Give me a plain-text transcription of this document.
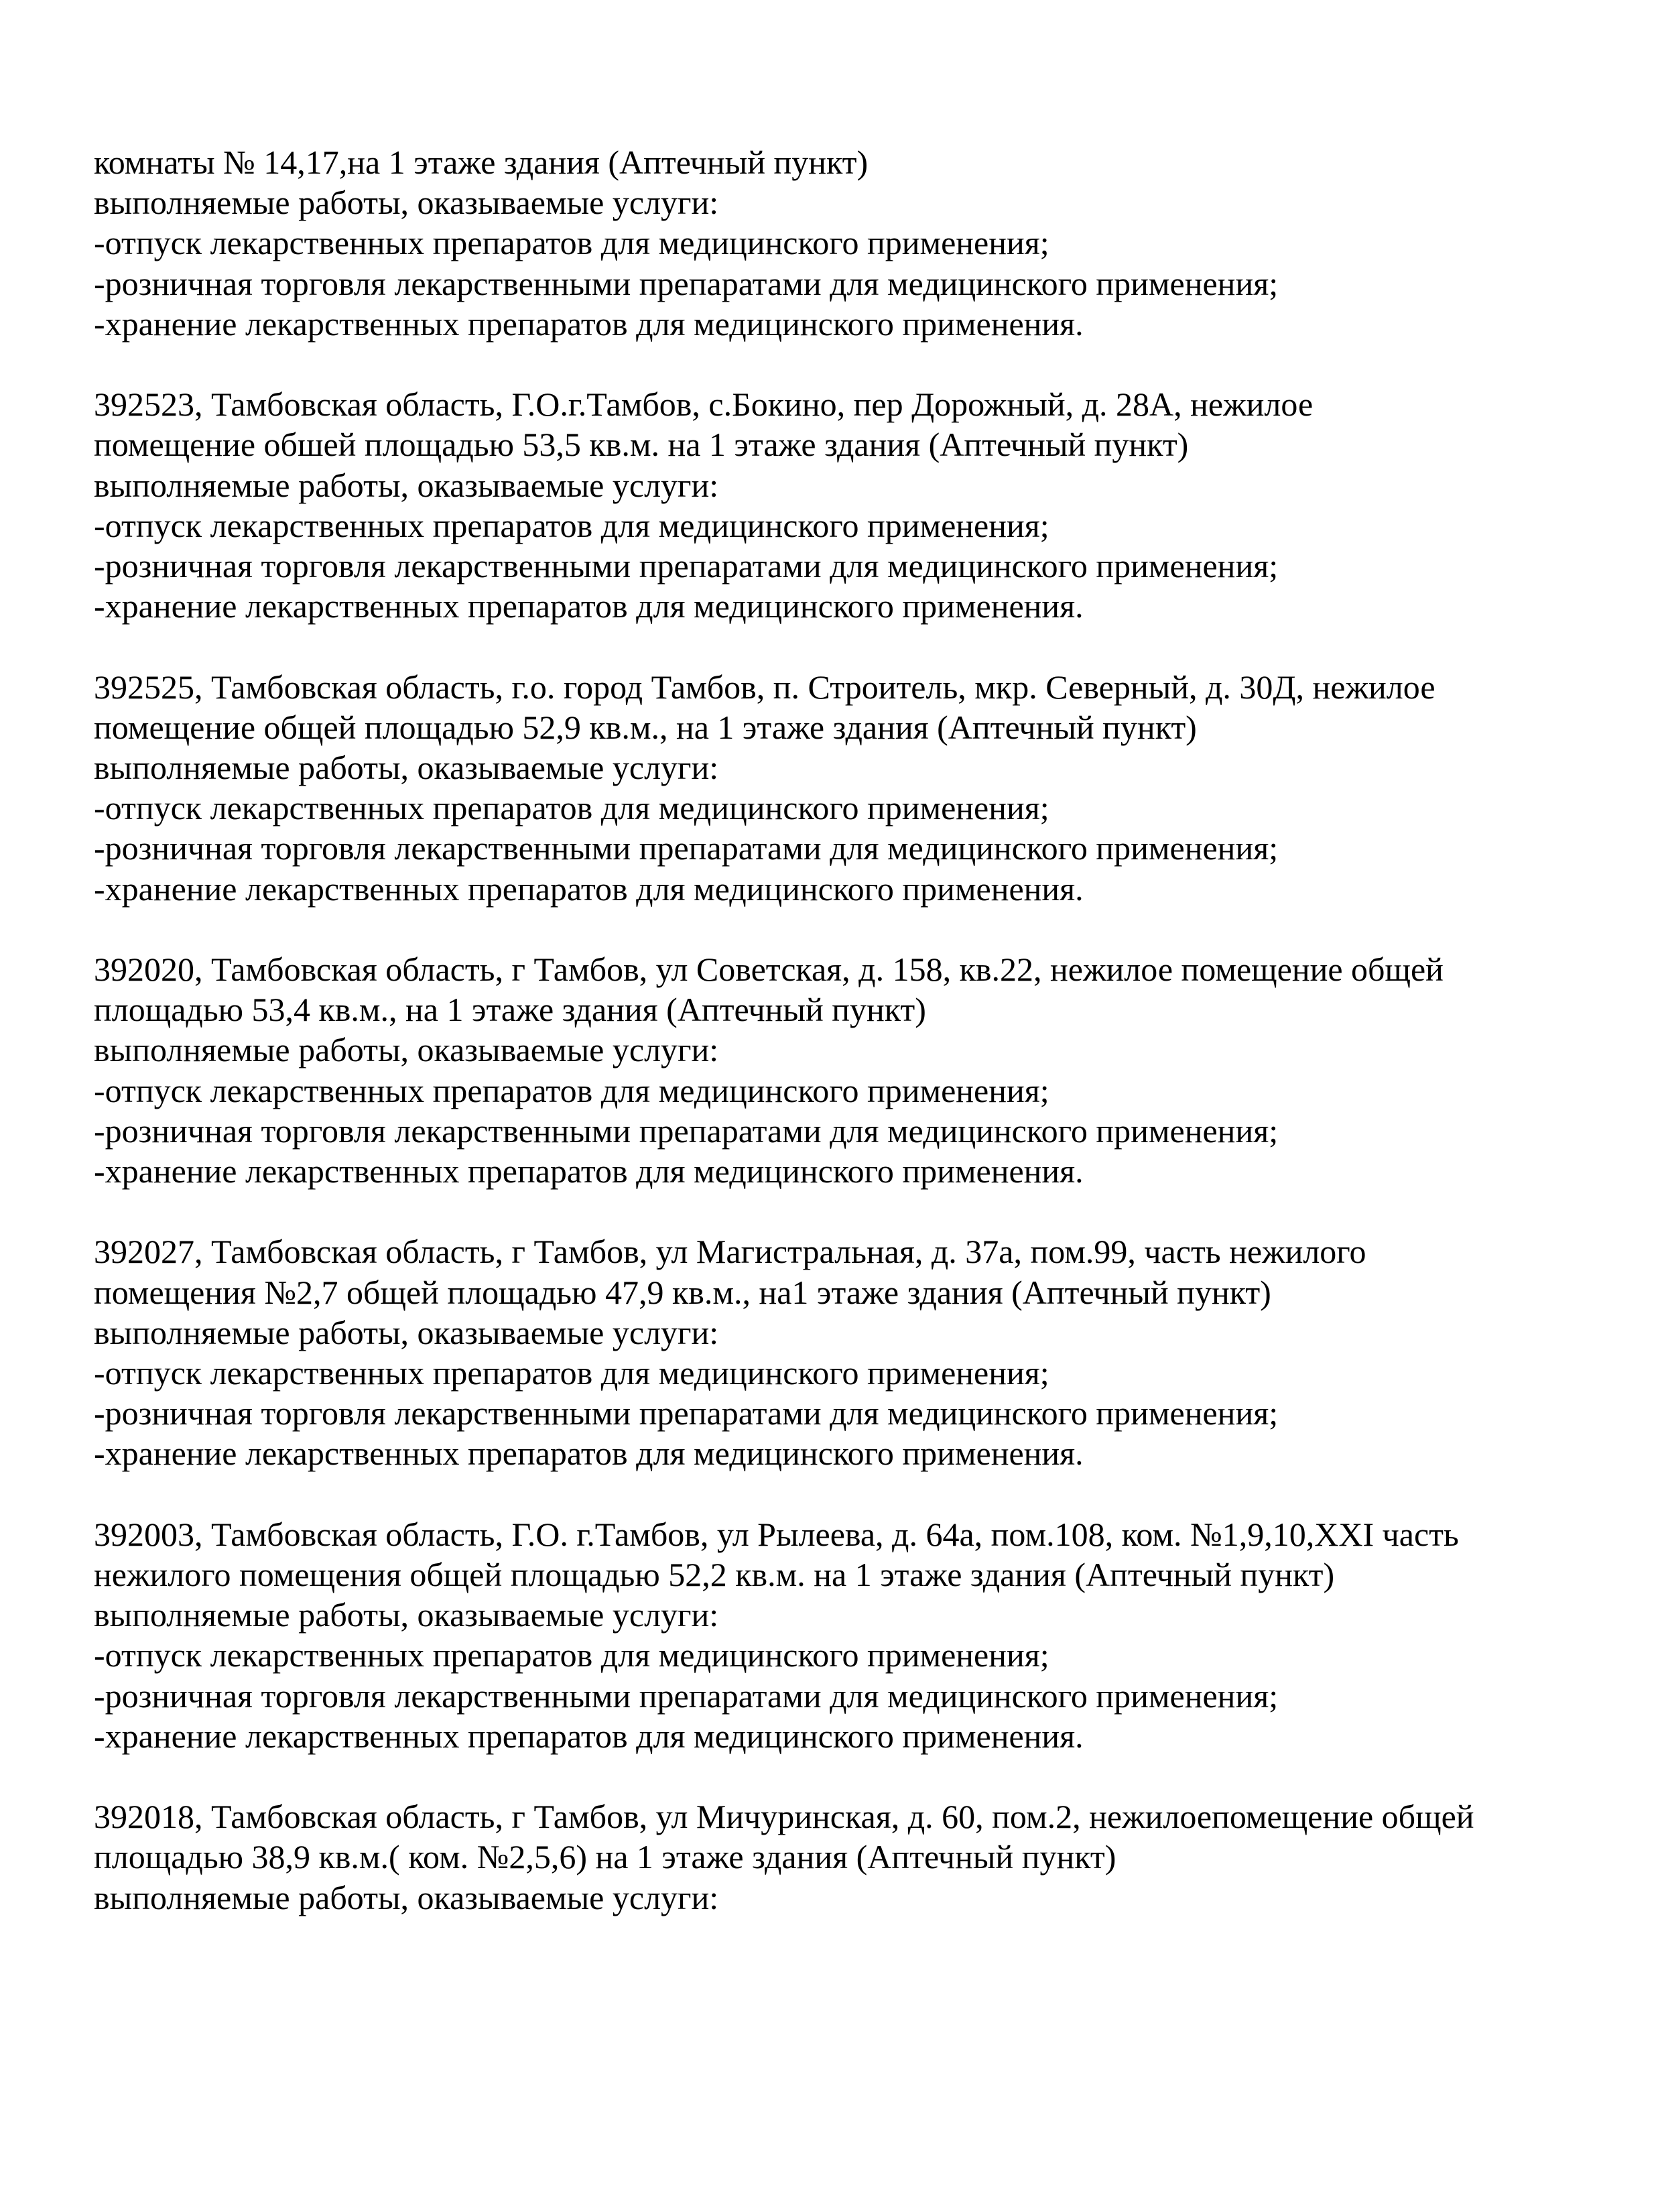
комнаты № 14,17,на 1 этаже здания (Аптечный пункт)
выполняемые работы, оказываемые услуги:
-отпуск лекарственных препаратов для медицинского применения;
-розничная торговля лекарственными препаратами для медицинского применения;
-хранение лекарственных препаратов для медицинского применения.
392523, Тамбовская область, Г.О.г.Тамбов, с.Бокино, пер Дорожный, д. 28А, нежилое
помещение обшей площадью 53,5 кв.м. на 1 этаже здания (Аптечный пункт)
выполняемые работы, оказываемые услуги:
-отпуск лекарственных препаратов для медицинского применения;
-розничная торговля лекарственными препаратами для медицинского применения;
-хранение лекарственных препаратов для медицинского применения.
392525, Тамбовская область, г.о. город Тамбов, п. Строитель, мкр. Северный, д. 30Д, нежилое
помещение общей площадью 52,9 кв.м., на 1 этаже здания (Аптечный пункт)
выполняемые работы, оказываемые услуги:
-отпуск лекарственных препаратов для медицинского применения;
-розничная торговля лекарственными препаратами для медицинского применения;
-хранение лекарственных препаратов для медицинского применения.
392020, Тамбовская область, г Тамбов, ул Советская, д. 158, кв.22, нежилое помещение общей
площадью 53,4 кв.м., на 1 этаже здания (Аптечный пункт)
выполняемые работы, оказываемые услуги:
-отпуск лекарственных препаратов для медицинского применения;
-розничная торговля лекарственными препаратами для медицинского применения;
-хранение лекарственных препаратов для медицинского применения.
392027, Тамбовская область, г Тамбов, ул Магистральная, д. 37а, пом.99, часть нежилого
помещения №2,7 общей площадью 47,9 кв.м., на1 этаже здания (Аптечный пункт)
выполняемые работы, оказываемые услуги:
-отпуск лекарственных препаратов для медицинского применения;
-розничная торговля лекарственными препаратами для медицинского применения;
-хранение лекарственных препаратов для медицинского применения.
392003, Тамбовская область, Г.О. г.Тамбов, ул Рылеева, д. 64а, пом.108, ком. №1,9,10,XXI часть
нежилого помещения общей площадью 52,2 кв.м. на 1 этаже здания (Аптечный пункт)
выполняемые работы, оказываемые услуги:
-отпуск лекарственных препаратов для медицинского применения;
-розничная торговля лекарственными препаратами для медицинского применения;
-хранение лекарственных препаратов для медицинского применения.
392018, Тамбовская область, г Тамбов, ул Мичуринская, д. 60, пом.2, нежилоепомещение общей
площадью 38,9 кв.м.( ком. №2,5,6) на 1 этаже здания (Аптечный пункт)
выполняемые работы, оказываемые услуги:
